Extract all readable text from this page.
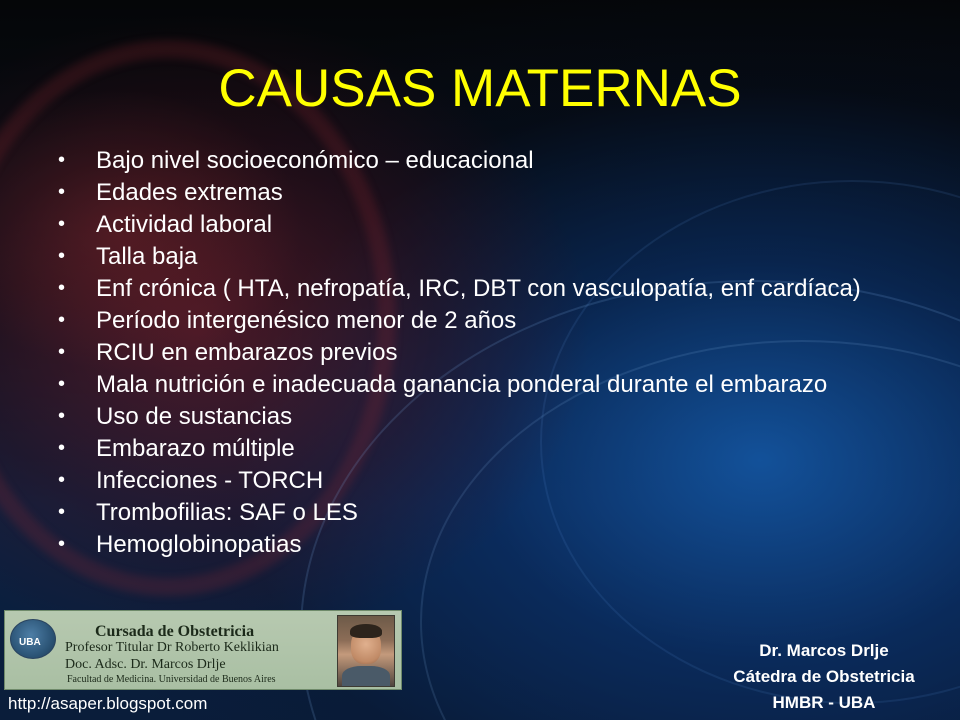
CAUSAS MATERNAS
• Bajo nivel socioeconómico – educacional
• Edades extremas
• Actividad laboral
• Talla baja
• Enf crónica ( HTA, nefropatía, IRC, DBT con vasculopatía, enf cardíaca)
• Período intergenésico menor de 2 años
• RCIU en embarazos previos
• Mala nutrición e inadecuada ganancia ponderal durante el embarazo
• Uso de sustancias
• Embarazo múltiple
• Infecciones - TORCH
• Trombofilias: SAF o LES
• Hemoglobinopatias
UBA
Cursada de Obstetricia
Profesor Titular Dr Roberto Keklikian
Doc. Adsc. Dr. Marcos Drlje
Facultad de Medicina. Universidad de Buenos Aires
http://asaper.blogspot.com
Dr. Marcos Drlje
Cátedra de Obstetricia
HMBR - UBA
